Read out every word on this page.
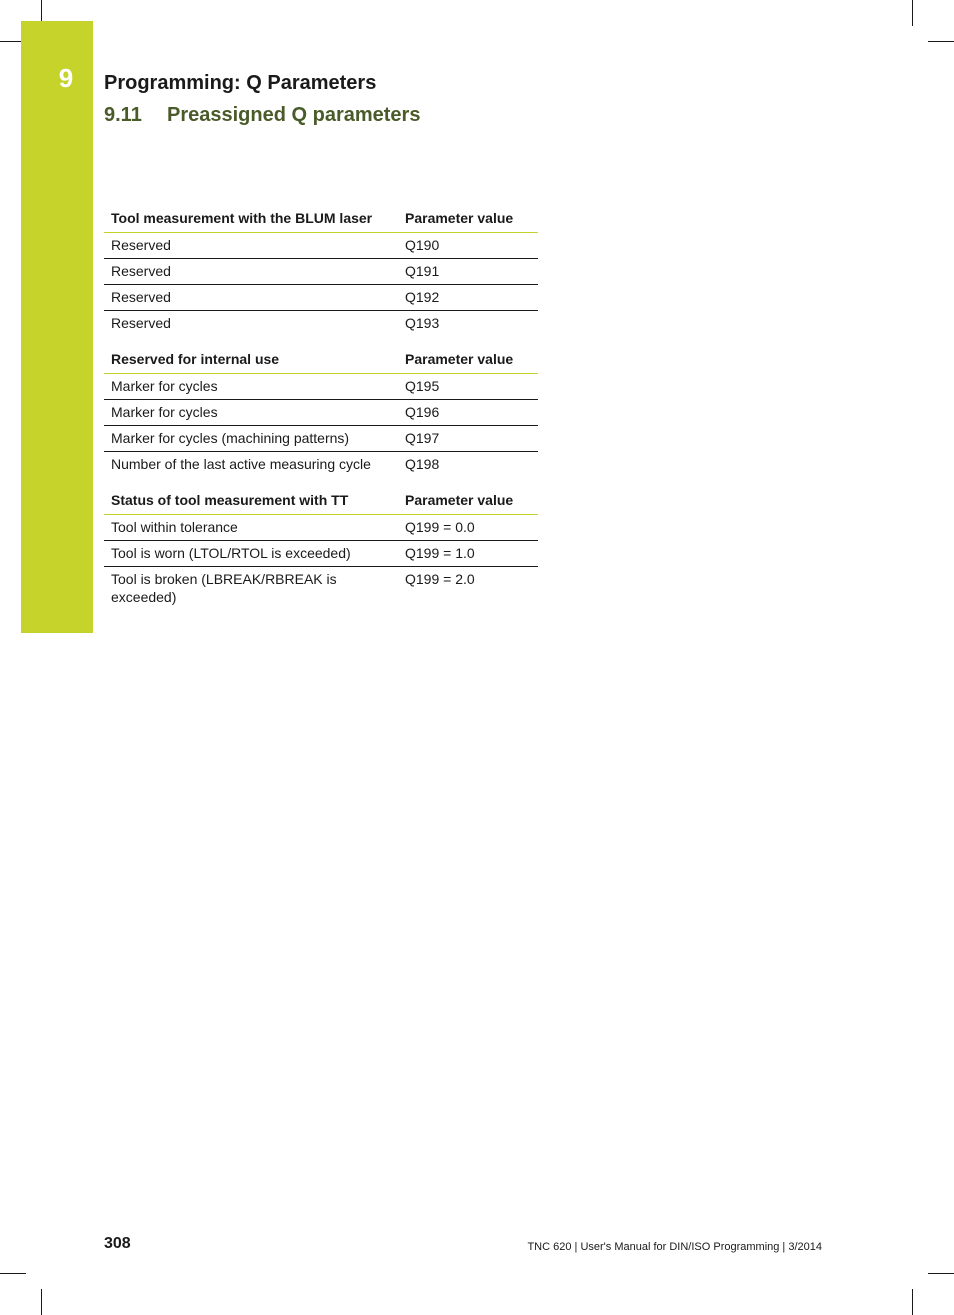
9	Programming: Q Parameters
9.11 Preassigned Q parameters
Tool measurement with the BLUM laser	Parameter value
Reserved	Q190
Reserved	Q191
Reserved	Q192
Reserved	Q193
Reserved for internal use	Parameter value
Marker for cycles	Q195
Marker for cycles	Q196
Marker for cycles (machining patterns)	Q197
Number of the last active measuring cycle	Q198
Status of tool measurement with TT	Parameter value
Tool within tolerance	Q199 = 0.0
Tool is worn (LTOL/RTOL is exceeded)	Q199 = 1.0
Tool is broken (LBREAK/RBREAK is exceeded)	Q199 = 2.0
308	TNC 620 | User's Manual for DIN/ISO Programming | 3/2014
